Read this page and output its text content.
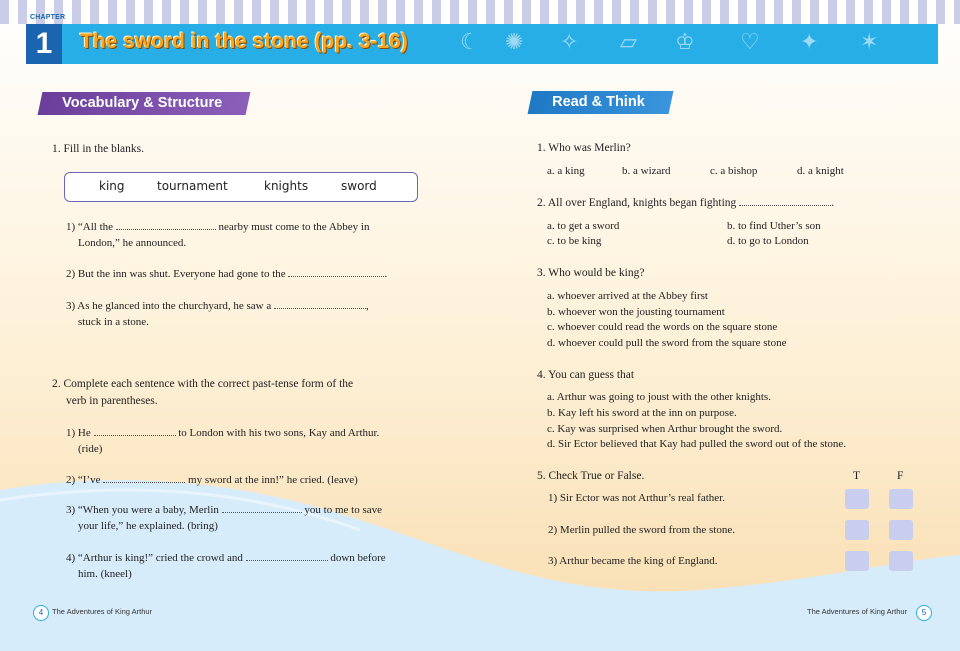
CHAPTER
1	The sword in the stone (pp. 3-16) ☾ ✺ ✧ ▱ ♔ ♡ ✦ ✶
Vocabulary & Structure
1. Fill in the blanks.
king	tournament	knights	sword
1) “All the	nearby must come to the Abbey in
London,” he announced.
2) But the inn was shut. Everyone had gone to the	.
3) As he glanced into the churchyard, he saw a	,
stuck in a stone.
2. Complete each sentence with the correct past-tense form of the
verb in parentheses.
1) He	to London with his two sons, Kay and Arthur.
(ride)
2) “I’ve	my sword at the inn!” he cried. (leave)
3) “When you were a baby, Merlin	you to me to save
your life,” he explained. (bring)
4) “Arthur is king!” cried the crowd and	down before
him. (kneel)
4	The Adventures of King Arthur
Read & Think
1. Who was Merlin?
a. a king	b. a wizard	c. a bishop	d. a knight
2. All over England, knights began fighting	.
a. to get a sword	b. to find Uther’s son
c. to be king	d. to go to London
3. Who would be king?
a. whoever arrived at the Abbey first
b. whoever won the jousting tournament
c. whoever could read the words on the square stone
d. whoever could pull the sword from the square stone
4. You can guess that
a. Arthur was going to joust with the other knights.
b. Kay left his sword at the inn on purpose.
c. Kay was surprised when Arthur brought the sword.
d. Sir Ector believed that Kay had pulled the sword out of the stone.
5. Check True or False.	T	F
1) Sir Ector was not Arthur’s real father.
2) Merlin pulled the sword from the stone.
3) Arthur became the king of England.
The Adventures of King Arthur	5
